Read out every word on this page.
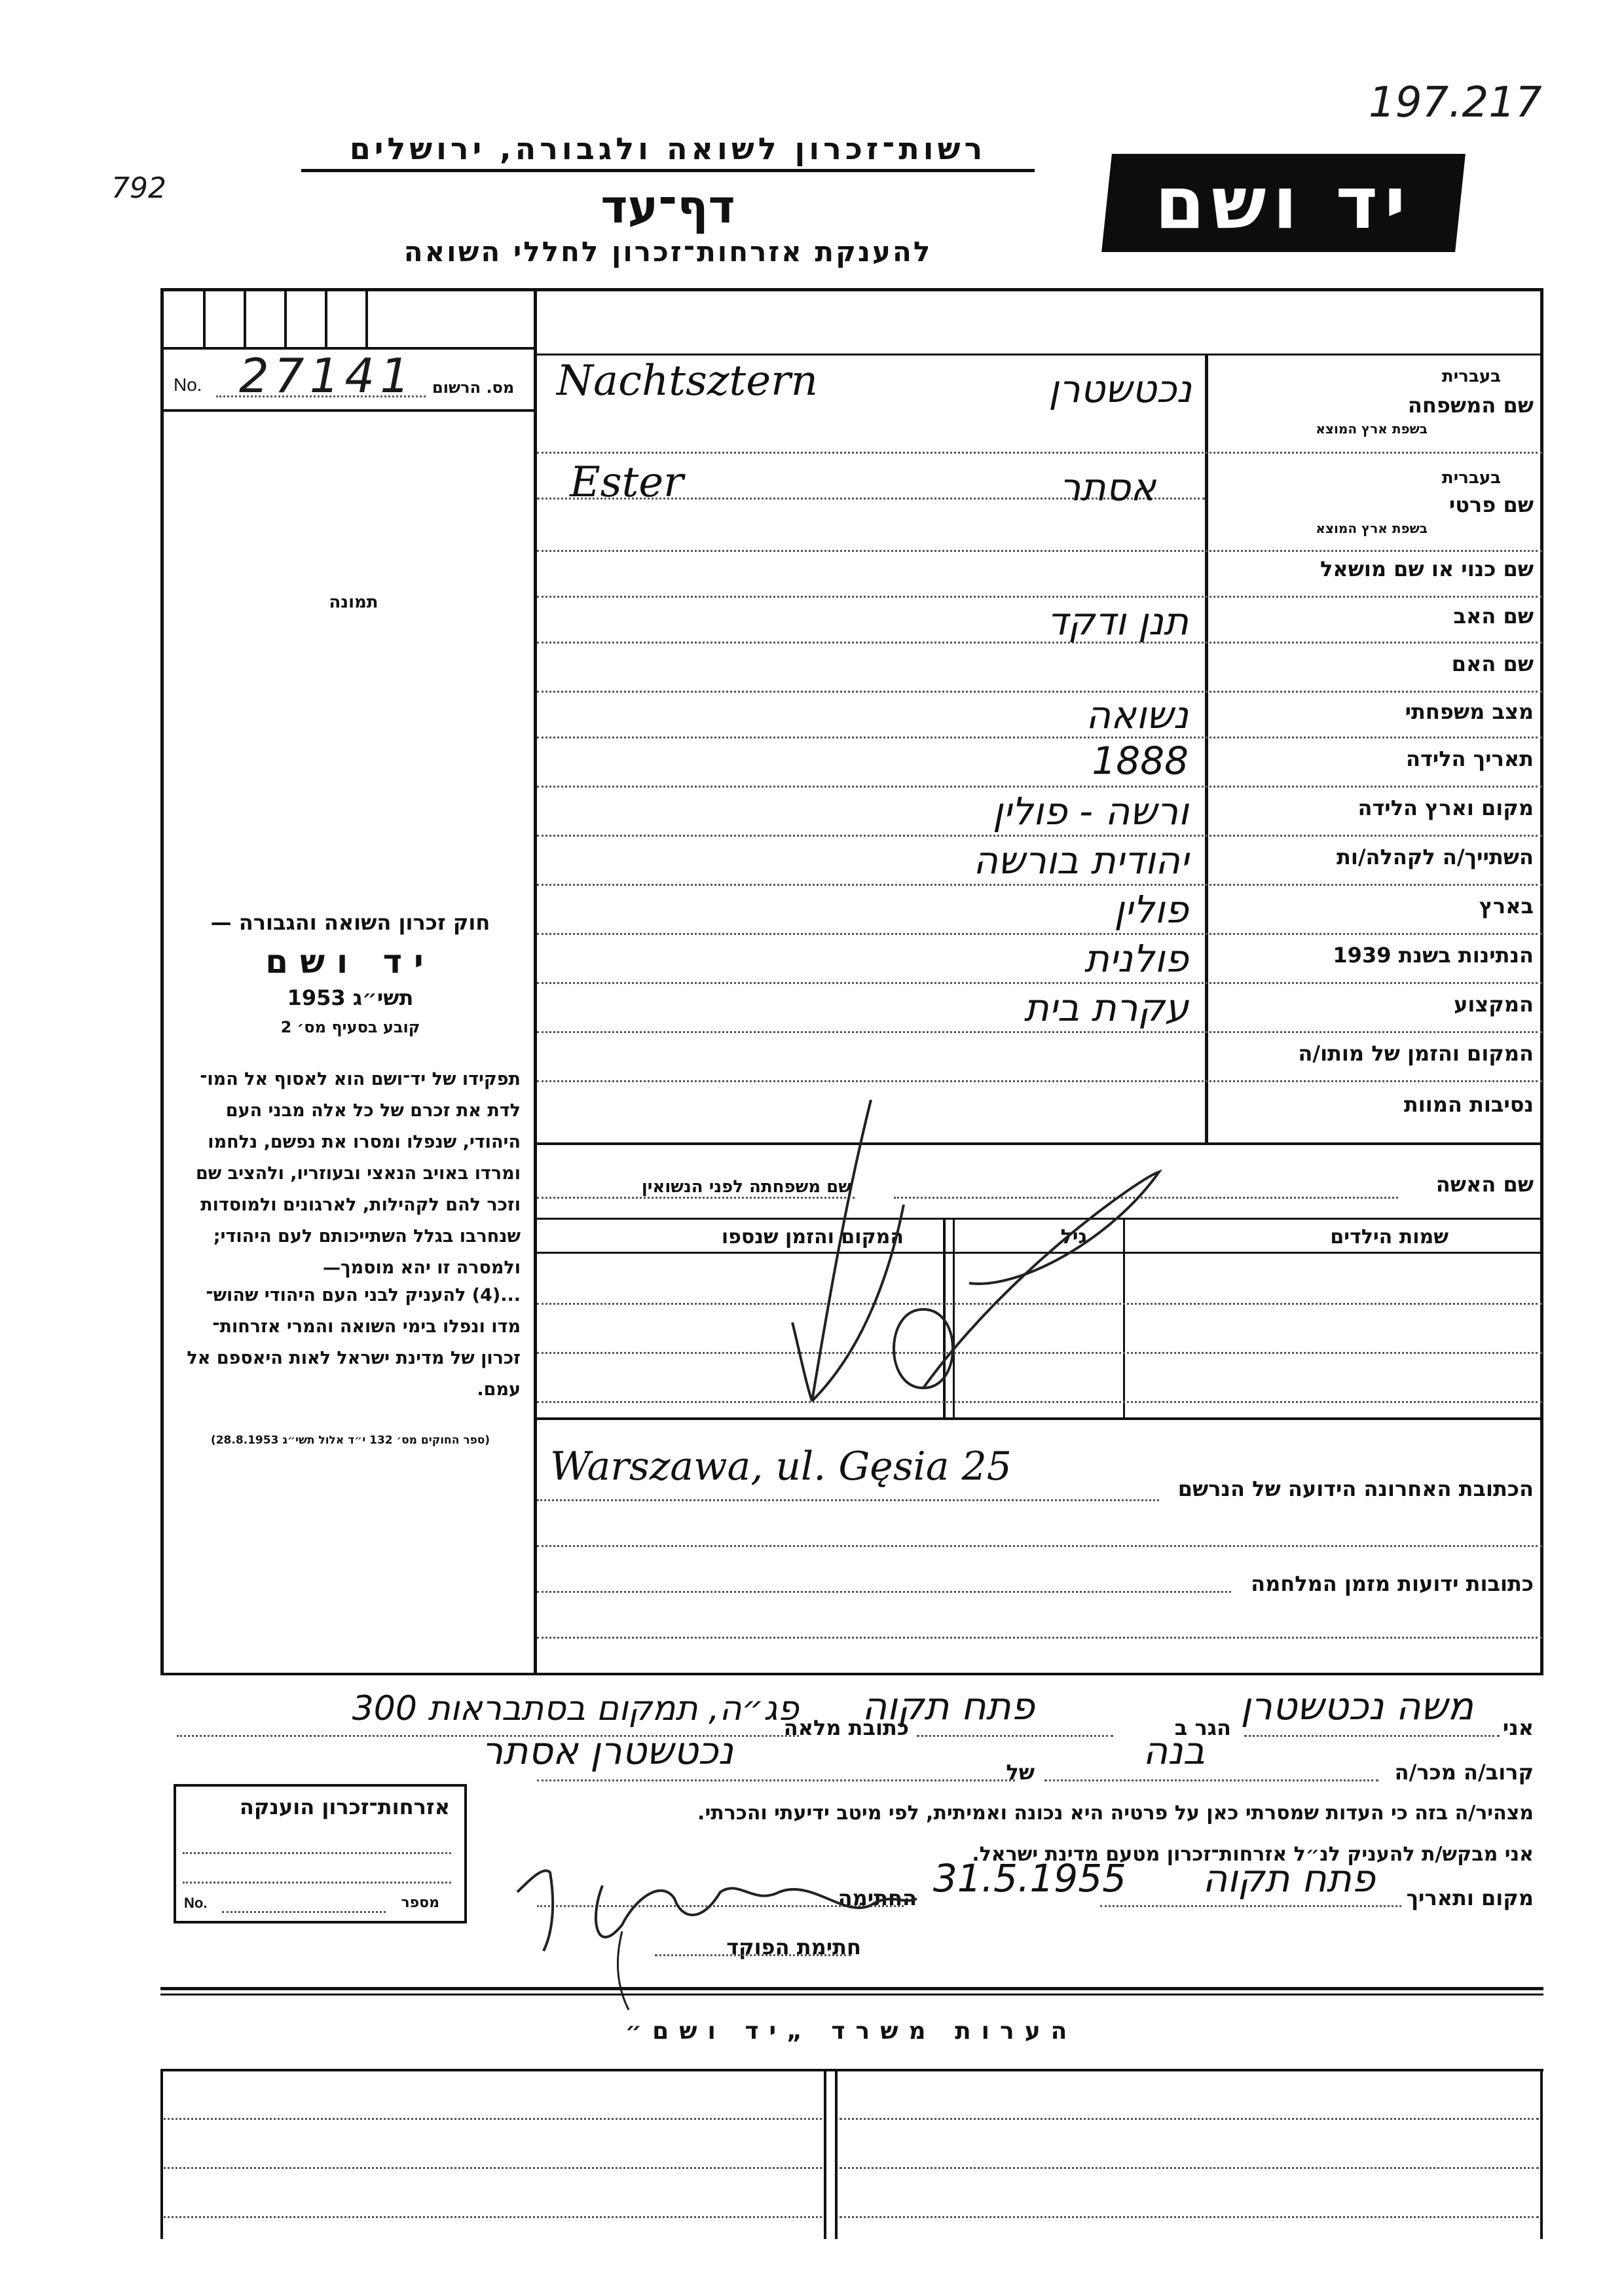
792
197.217
רשות־זכרון לשואה ולגבורה, ירושלים
דף־עד
להענקת אזרחות־זכרון לחללי השואה
יד ושם
No. 27141 מס. הרשום
תמונה
חוק זכרון השואה והגבורה —
יד ושם
תשי״ג 1953
קובע בסעיף מס׳ 2
תפקידו של יד־ושם הוא לאסוף אל המו־ לדת את זכרם של כל אלה מבני העם היהודי, שנפלו ומסרו את נפשם, נלחמו ומרדו באויב הנאצי ובעוזריו, ולהציב שם וזכר להם לקהילות, לארגונים ולמוסדות שנחרבו בגלל השתייכותם לעם היהודי; ולמסרה זו יהא מוסמך—
...(4) להעניק לבני העם היהודי שהוש־ מדו ונפלו בימי השואה והמרי אזרחות־ זכרון של מדינת ישראל לאות היאספם אל עמם.
(ספר החוקים מס׳ 132 י״ד אלול תשי״ג 28.8.1953)
בעברית
שם המשפחה
בשפת ארץ המוצא
נכטשטרן
Nachtsztern
בעברית
שם פרטי
בשפת ארץ המוצא
אסתר
Ester
שם כנוי או שם מושאל
שם האב
תנן ודקד
שם האם
מצב משפחתי
נשואה
תאריך הלידה
1888
מקום וארץ הלידה
ורשה - פולין
השתייך/ה לקהלה/ות
יהודית בורשה
בארץ
פולין
הנתינות בשנת 1939
פולנית
המקצוע
עקרת בית
המקום והזמן של מותו/ה
נסיבות המוות
שם האשה
שם משפחתה לפני הנשואין
שמות הילדים
גיל
המקום והזמן שנספו
הכתובת האחרונה הידועה של הנרשם
Warszawa, ul. Gęsia 25
כתובות ידועות מזמן המלחמה
אני
משה נכטשטרן
הגר ב
פתח תקוה
כתובת מלאה
פג״ה, תמקום בסתבראות 300
קרוב/ה מכר/ה
בנה
של
נכטשטרן אסתר
מצהיר/ה בזה כי העדות שמסרתי כאן על פרטיה היא נכונה ואמיתית, לפי מיטב ידיעתי והכרתי.
אני מבקש/ת להעניק לנ״ל אזרחות־זכרון מטעם מדינת ישראל.
מקום ותאריך
פתח תקוה
31.5.1955
החתימה
חתימת הפוקד
אזרחות־זכרון הוענקה
No.	מספר
הערות משרד „יד ושם״
